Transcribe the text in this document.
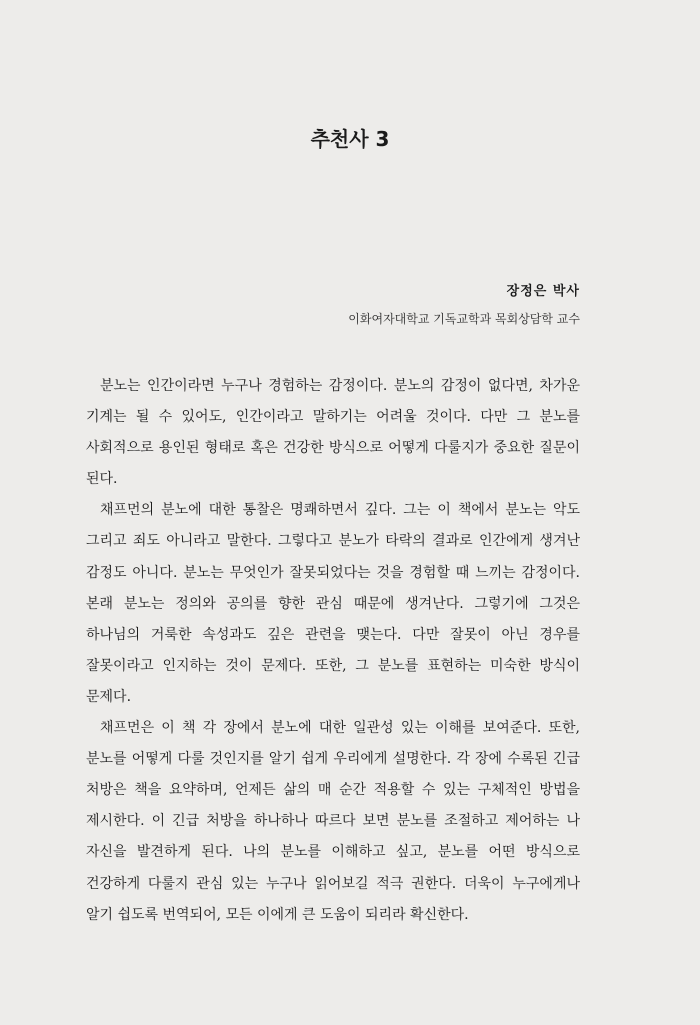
추천사 3
장정은 박사
이화여자대학교 기독교학과 목회상담학 교수

분노는 인간이라면 누구나 경험하는 감정이다. 분노의 감정이 없다면, 차가운 기계는 될 수 있어도, 인간이라고 말하기는 어려울 것이다. 다만 그 분노를 사회적으로 용인된 형태로 혹은 건강한 방식으로 어떻게 다룰지가 중요한 질문이 된다.

채프먼의 분노에 대한 통찰은 명쾌하면서 깊다. 그는 이 책에서 분노는 악도 그리고 죄도 아니라고 말한다. 그렇다고 분노가 타락의 결과로 인간에게 생겨난 감정도 아니다. 분노는 무엇인가 잘못되었다는 것을 경험할 때 느끼는 감정이다. 본래 분노는 정의와 공의를 향한 관심 때문에 생겨난다. 그렇기에 그것은 하나님의 거룩한 속성과도 깊은 관련을 맺는다. 다만 잘못이 아닌 경우를 잘못이라고 인지하는 것이 문제다. 또한, 그 분노를 표현하는 미숙한 방식이 문제다.

채프먼은 이 책 각 장에서 분노에 대한 일관성 있는 이해를 보여준다. 또한, 분노를 어떻게 다룰 것인지를 알기 쉽게 우리에게 설명한다. 각 장에 수록된 긴급 처방은 책을 요약하며, 언제든 삶의 매 순간 적용할 수 있는 구체적인 방법을 제시한다. 이 긴급 처방을 하나하나 따르다 보면 분노를 조절하고 제어하는 나 자신을 발견하게 된다. 나의 분노를 이해하고 싶고, 분노를 어떤 방식으로 건강하게 다룰지 관심 있는 누구나 읽어보길 적극 권한다. 더욱이 누구에게나 알기 쉽도록 번역되어, 모든 이에게 큰 도움이 되리라 확신한다.
